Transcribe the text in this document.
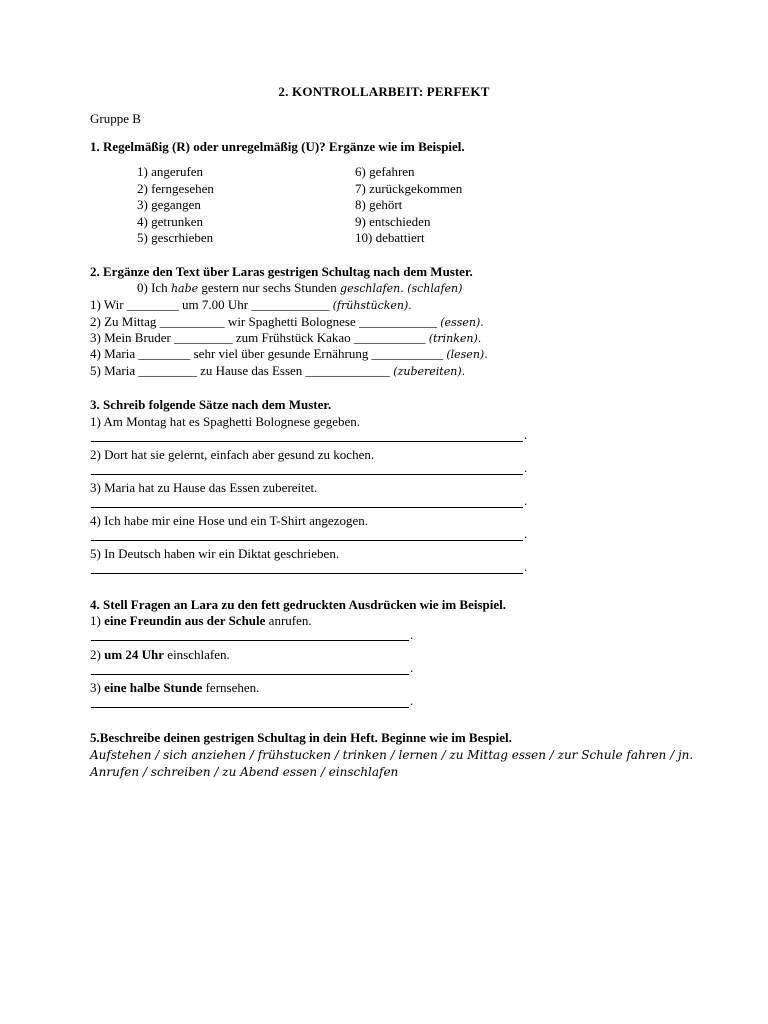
2. KONTROLLARBEIT: PERFEKT
Gruppe B
1. Regelmäßig (R) oder unregelmäßig (U)? Ergänze wie im Beispiel.
1) angerufen
2) ferngesehen
3) gegangen
4) getrunken
5) gescrhieben
6) gefahren
7) zurückgekommen
8) gehört
9) entschieden
10) debattiert
2. Ergänze den Text über Laras gestrigen Schultag nach dem Muster.
0) Ich habe gestern nur sechs Stunden geschlafen. (schlafen)
1) Wir ________ um 7.00 Uhr ____________ (frühstücken).
2) Zu Mittag __________ wir Spaghetti Bolognese ____________ (essen).
3) Mein Bruder _________ zum Frühstück Kakao ___________ (trinken).
4) Maria ________ sehr viel über gesunde Ernährung ___________ (lesen).
5) Maria _________ zu Hause das Essen _____________ (zubereiten).
3. Schreib folgende Sätze nach dem Muster.
1) Am Montag hat es Spaghetti Bolognese gegeben.
.
2) Dort hat sie gelernt, einfach aber gesund zu kochen.
.
3) Maria hat zu Hause das Essen zubereitet.
.
4) Ich habe mir eine Hose und ein T-Shirt angezogen.
.
5) In Deutsch haben wir ein Diktat geschrieben.
.
4. Stell Fragen an Lara zu den fett gedruckten Ausdrücken wie im Beispiel.
1) eine Freundin aus der Schule anrufen.
.
2) um 24 Uhr einschlafen.
.
3) eine halbe Stunde fernsehen.
.
5.Beschreibe deinen gestrigen Schultag in dein Heft. Beginne wie im Bespiel.
Aufstehen / sich anziehen / frühstucken / trinken / lernen / zu Mittag essen / zur Schule fahren / jn.
Anrufen / schreiben / zu Abend essen / einschlafen
